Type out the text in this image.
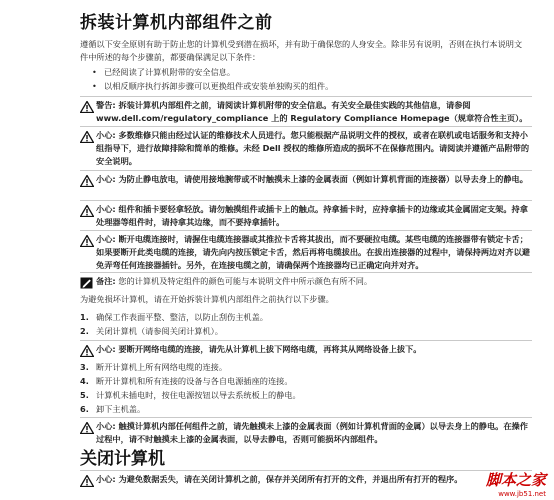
拆装计算机内部组件之前
遵循以下安全原则有助于防止您的计算机受到潜在损坏，并有助于确保您的人身安全。除非另有说明，否则在执行本说明文件中所述的每个步骤前，都要确保满足以下条件：
• 已经阅读了计算机附带的安全信息。
• 以相反顺序执行拆卸步骤可以更换组件或安装单独购买的组件。
警告: 拆装计算机内部组件之前，请阅读计算机附带的安全信息。有关安全最佳实践的其他信息，请参阅 www.dell.com/regulatory_compliance 上的 Regulatory Compliance Homepage（规章符合性主页）。
小心: 多数维修只能由经过认证的维修技术人员进行。您只能根据产品说明文件的授权，或者在联机或电话服务和支持小组指导下，进行故障排除和简单的维修。未经 Dell 授权的维修所造成的损坏不在保修范围内。请阅读并遵循产品附带的安全说明。
小心: 为防止静电放电，请使用接地腕带或不时触摸未上漆的金属表面（例如计算机背面的连接器）以导去身上的静电。
小心: 组件和插卡要轻拿轻放。请勿触摸组件或插卡上的触点。持拿插卡时，应持拿插卡的边缘或其金属固定支架。持拿处理器等组件时，请持拿其边缘，而不要持拿插针。
小心: 断开电缆连接时，请握住电缆连接器或其推拉卡舌将其拔出，而不要硬拉电缆。某些电缆的连接器带有锁定卡舌；如果要断开此类电缆的连接，请先向内按压锁定卡舌，然后再将电缆拔出。在拔出连接器的过程中，请保持两边对齐以避免弄弯任何连接器插针。另外，在连接电缆之前，请确保两个连接器均已正确定向并对齐。
备注: 您的计算机及特定组件的颜色可能与本说明文件中所示颜色有所不同。
为避免损坏计算机，请在开始拆装计算机内部组件之前执行以下步骤。
1. 确保工作表面平整、整洁，以防止刮伤主机盖。
2. 关闭计算机（请参阅关闭计算机）。
小心: 要断开网络电缆的连接，请先从计算机上拔下网络电缆，再将其从网络设备上拔下。
3. 断开计算机上所有网络电缆的连接。
4. 断开计算机和所有连接的设备与各自电源插座的连接。
5. 计算机未插电时，按住电源按钮以导去系统板上的静电。
6. 卸下主机盖。
小心: 触摸计算机内部任何组件之前，请先触摸未上漆的金属表面（例如计算机背面的金属）以导去身上的静电。在操作过程中，请不时触摸未上漆的金属表面，以导去静电，否则可能损坏内部组件。
关闭计算机
小心: 为避免数据丢失，请在关闭计算机之前，保存并关闭所有打开的文件，并退出所有打开的程序。	脚本之家
www.jb51.net
